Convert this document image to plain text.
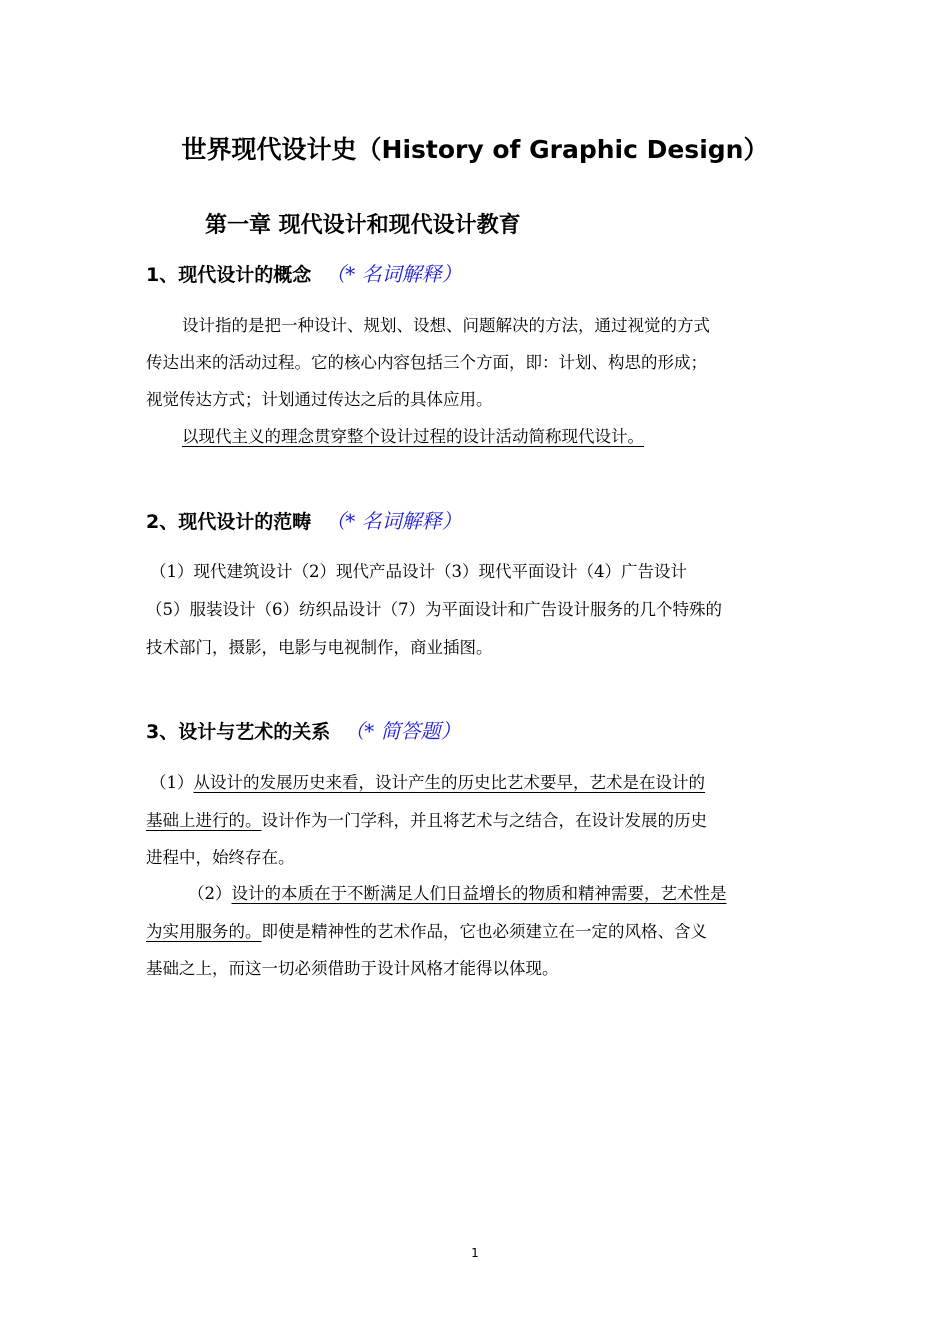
世界现代设计史（History of Graphic Design）
第一章 现代设计和现代设计教育
1、现代设计的概念 （* 名词解释）
设计指的是把一种设计、规划、设想、问题解决的方法，通过视觉的方式
传达出来的活动过程。它的核心内容包括三个方面，即：计划、构思的形成；
视觉传达方式；计划通过传达之后的具体应用。
以现代主义的理念贯穿整个设计过程的设计活动简称现代设计。
2、现代设计的范畴 （* 名词解释）
（1）现代建筑设计（2）现代产品设计（3）现代平面设计（4）广告设计
（5）服装设计（6）纺织品设计（7）为平面设计和广告设计服务的几个特殊的
技术部门，摄影，电影与电视制作，商业插图。
3、设计与艺术的关系 （* 简答题）
（1）从设计的发展历史来看，设计产生的历史比艺术要早，艺术是在设计的
基础上进行的。设计作为一门学科，并且将艺术与之结合，在设计发展的历史
进程中，始终存在。
（2）设计的本质在于不断满足人们日益增长的物质和精神需要，艺术性是
为实用服务的。即使是精神性的艺术作品，它也必须建立在一定的风格、含义
基础之上，而这一切必须借助于设计风格才能得以体现。
1
